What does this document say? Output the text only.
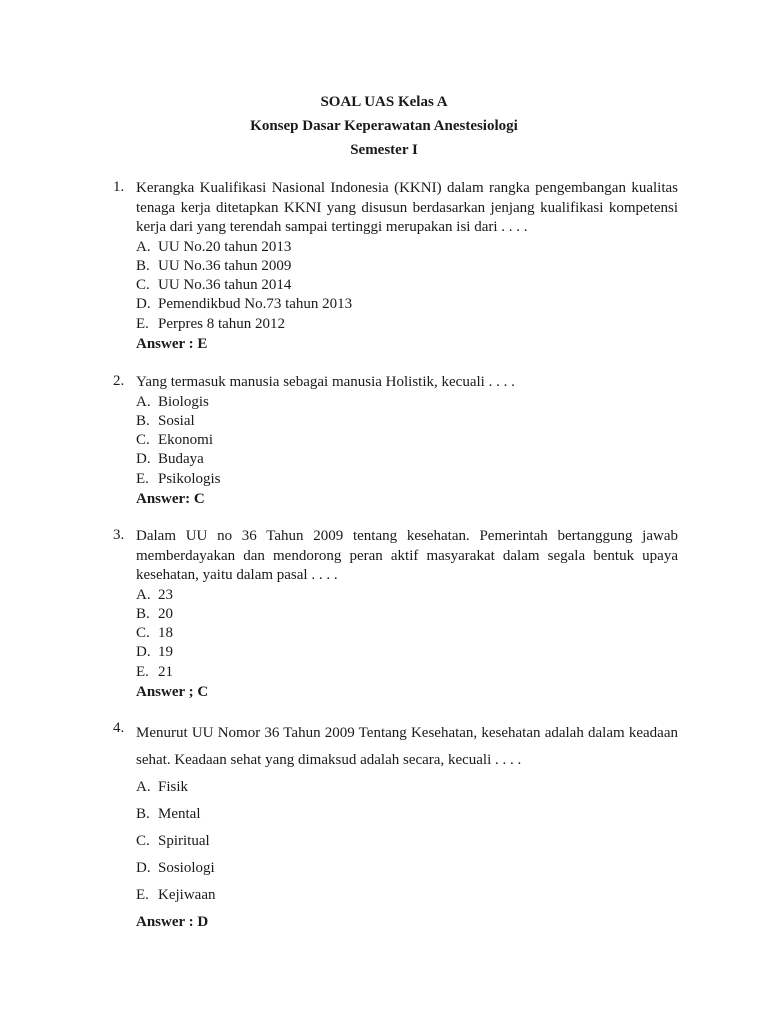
SOAL UAS Kelas A
Konsep Dasar Keperawatan Anestesiologi
Semester I
1. Kerangka Kualifikasi Nasional Indonesia (KKNI) dalam rangka pengembangan kualitas tenaga kerja ditetapkan KKNI yang disusun berdasarkan jenjang kualifikasi kompetensi kerja dari yang terendah sampai tertinggi merupakan isi dari . . . .
A. UU No.20 tahun 2013
B. UU No.36 tahun 2009
C. UU No.36 tahun 2014
D. Pemendikbud No.73 tahun 2013
E. Perpres 8 tahun 2012
Answer : E
2. Yang termasuk manusia sebagai manusia Holistik, kecuali . . . .
A. Biologis
B. Sosial
C. Ekonomi
D. Budaya
E. Psikologis
Answer: C
3. Dalam UU no 36 Tahun 2009 tentang kesehatan. Pemerintah bertanggung jawab memberdayakan dan mendorong peran aktif masyarakat dalam segala bentuk upaya kesehatan, yaitu dalam pasal . . . .
A. 23
B. 20
C. 18
D. 19
E. 21
Answer ; C
4. Menurut UU Nomor 36 Tahun 2009 Tentang Kesehatan, kesehatan adalah dalam keadaan sehat. Keadaan sehat yang dimaksud adalah secara, kecuali . . . .
A. Fisik
B. Mental
C. Spiritual
D. Sosiologi
E. Kejiwaan
Answer : D
